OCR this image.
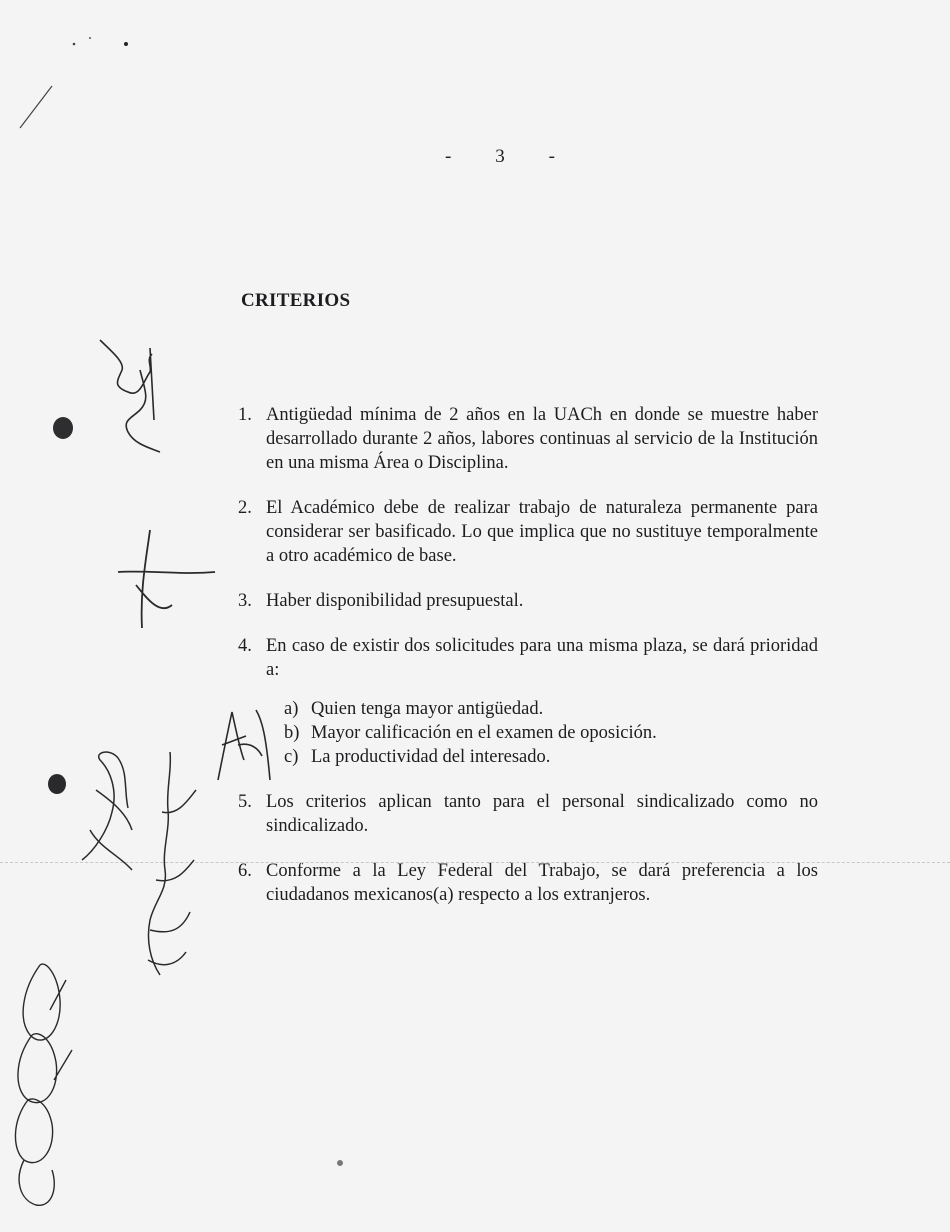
- 3 -
CRITERIOS
1. Antigüedad mínima de 2 años en la UACh en donde se muestre haber desarrollado durante 2 años, labores continuas al servicio de la Institución en una misma Área o Disciplina.
2. El Académico debe de realizar trabajo de naturaleza permanente para considerar ser basificado. Lo que implica que no sustituye temporalmente a otro académico de base.
3. Haber disponibilidad presupuestal.
4. En caso de existir dos solicitudes para una misma plaza, se dará prioridad a:
a) Quien tenga mayor antigüedad.
b) Mayor calificación en el examen de oposición.
c) La productividad del interesado.
5. Los criterios aplican tanto para el personal sindicalizado como no sindicalizado.
6. Conforme a la Ley Federal del Trabajo, se dará preferencia a los ciudadanos mexicanos(a) respecto a los extranjeros.
